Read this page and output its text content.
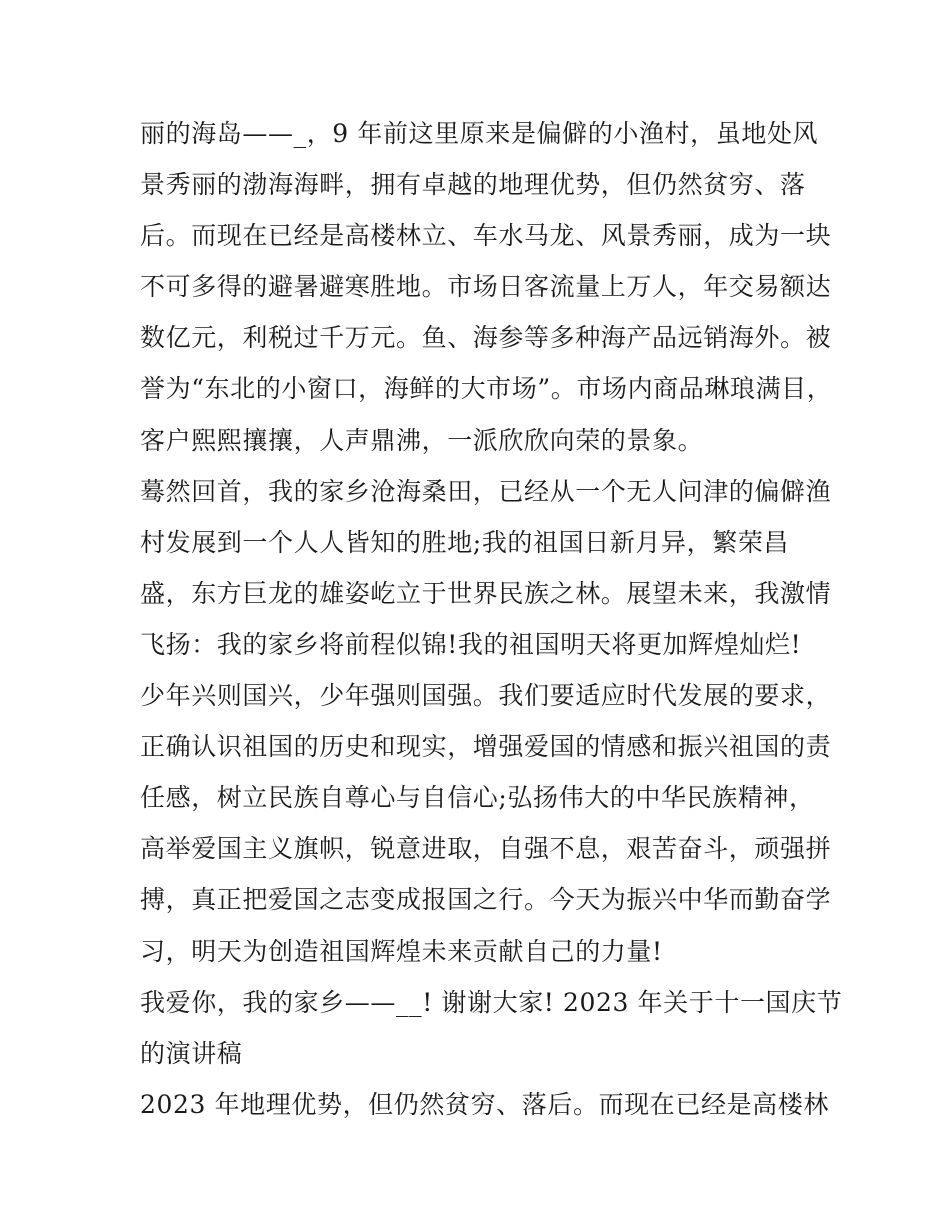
丽的海岛——_，9 年前这里原来是偏僻的小渔村，虽地处风
景秀丽的渤海海畔，拥有卓越的地理优势，但仍然贫穷、落
后。而现在已经是高楼林立、车水马龙、风景秀丽，成为一块
不可多得的避暑避寒胜地。市场日客流量上万人，年交易额达
数亿元，利税过千万元。鱼、海参等多种海产品远销海外。被
誉为“东北的小窗口，海鲜的大市场”。市场内商品琳琅满目，
客户熙熙攘攘，人声鼎沸，一派欣欣向荣的景象。

蓦然回首，我的家乡沧海桑田，已经从一个无人问津的偏僻渔
村发展到一个人人皆知的胜地;我的祖国日新月异，繁荣昌
盛，东方巨龙的雄姿屹立于世界民族之林。展望未来，我激情
飞扬：我的家乡将前程似锦!我的祖国明天将更加辉煌灿烂!

少年兴则国兴，少年强则国强。我们要适应时代发展的要求，
正确认识祖国的历史和现实，增强爱国的情感和振兴祖国的责
任感，树立民族自尊心与自信心;弘扬伟大的中华民族精神，
高举爱国主义旗帜，锐意进取，自强不息，艰苦奋斗，顽强拼
搏，真正把爱国之志变成报国之行。今天为振兴中华而勤奋学
习，明天为创造祖国辉煌未来贡献自己的力量!

我爱你，我的家乡——__! 谢谢大家! 2023 年关于十一国庆节
的演讲稿

2023 年地理优势，但仍然贫穷、落后。而现在已经是高楼林
